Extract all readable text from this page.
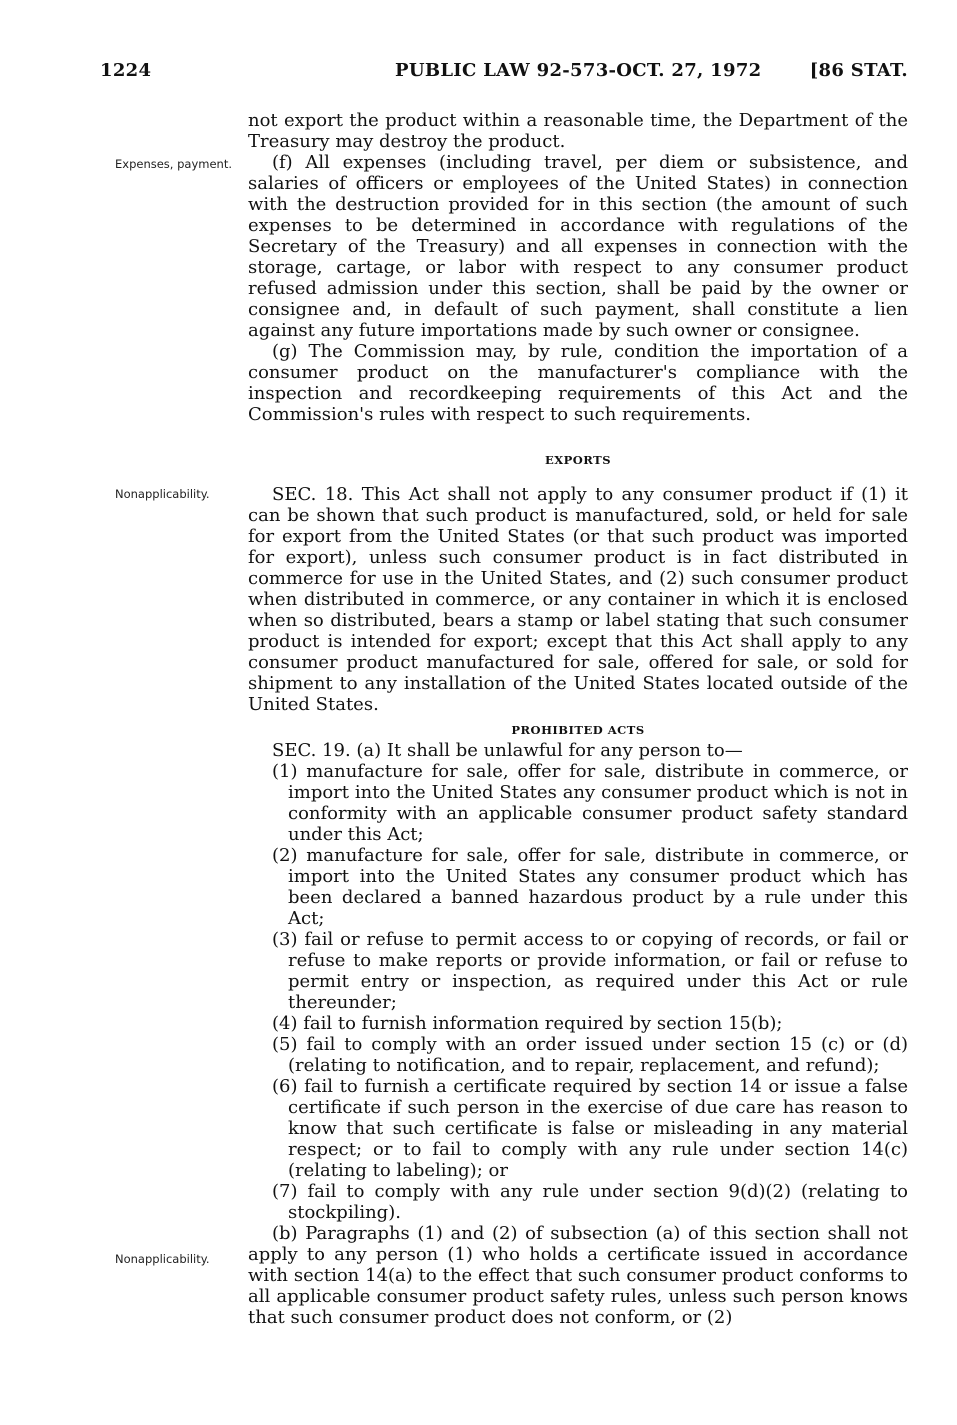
1224	PUBLIC LAW 92-573-OCT. 27, 1972	[86 STAT.
Expenses, payment.
Nonapplicability.
Nonapplicability.

not export the product within a reasonable time, the Department of the Treasury may destroy the product.

(f) All expenses (including travel, per diem or subsistence, and salaries of officers or employees of the United States) in connection with the destruction provided for in this section (the amount of such expenses to be determined in accordance with regulations of the Secretary of the Treasury) and all expenses in connection with the storage, cartage, or labor with respect to any consumer product refused admission under this section, shall be paid by the owner or consignee and, in default of such payment, shall constitute a lien against any future importations made by such owner or consignee.

(g) The Commission may, by rule, condition the importation of a consumer product on the manufacturer's compliance with the inspection and recordkeeping requirements of this Act and the Commission's rules with respect to such requirements.

EXPORTS

SEC. 18. This Act shall not apply to any consumer product if (1) it can be shown that such product is manufactured, sold, or held for sale for export from the United States (or that such product was imported for export), unless such consumer product is in fact distributed in commerce for use in the United States, and (2) such consumer product when distributed in commerce, or any container in which it is enclosed when so distributed, bears a stamp or label stating that such consumer product is intended for export; except that this Act shall apply to any consumer product manufactured for sale, offered for sale, or sold for shipment to any installation of the United States located outside of the United States.

PROHIBITED ACTS

SEC. 19. (a) It shall be unlawful for any person to—

(1) manufacture for sale, offer for sale, distribute in commerce, or import into the United States any consumer product which is not in conformity with an applicable consumer product safety standard under this Act;

(2) manufacture for sale, offer for sale, distribute in commerce, or import into the United States any consumer product which has been declared a banned hazardous product by a rule under this Act;

(3) fail or refuse to permit access to or copying of records, or fail or refuse to make reports or provide information, or fail or refuse to permit entry or inspection, as required under this Act or rule thereunder;

(4) fail to furnish information required by section 15(b);

(5) fail to comply with an order issued under section 15 (c) or (d) (relating to notification, and to repair, replacement, and refund);

(6) fail to furnish a certificate required by section 14 or issue a false certificate if such person in the exercise of due care has reason to know that such certificate is false or misleading in any material respect; or to fail to comply with any rule under section 14(c) (relating to labeling); or

(7) fail to comply with any rule under section 9(d)(2) (relating to stockpiling).

(b) Paragraphs (1) and (2) of subsection (a) of this section shall not apply to any person (1) who holds a certificate issued in accordance with section 14(a) to the effect that such consumer product conforms to all applicable consumer product safety rules, unless such person knows that such consumer product does not conform, or (2)
